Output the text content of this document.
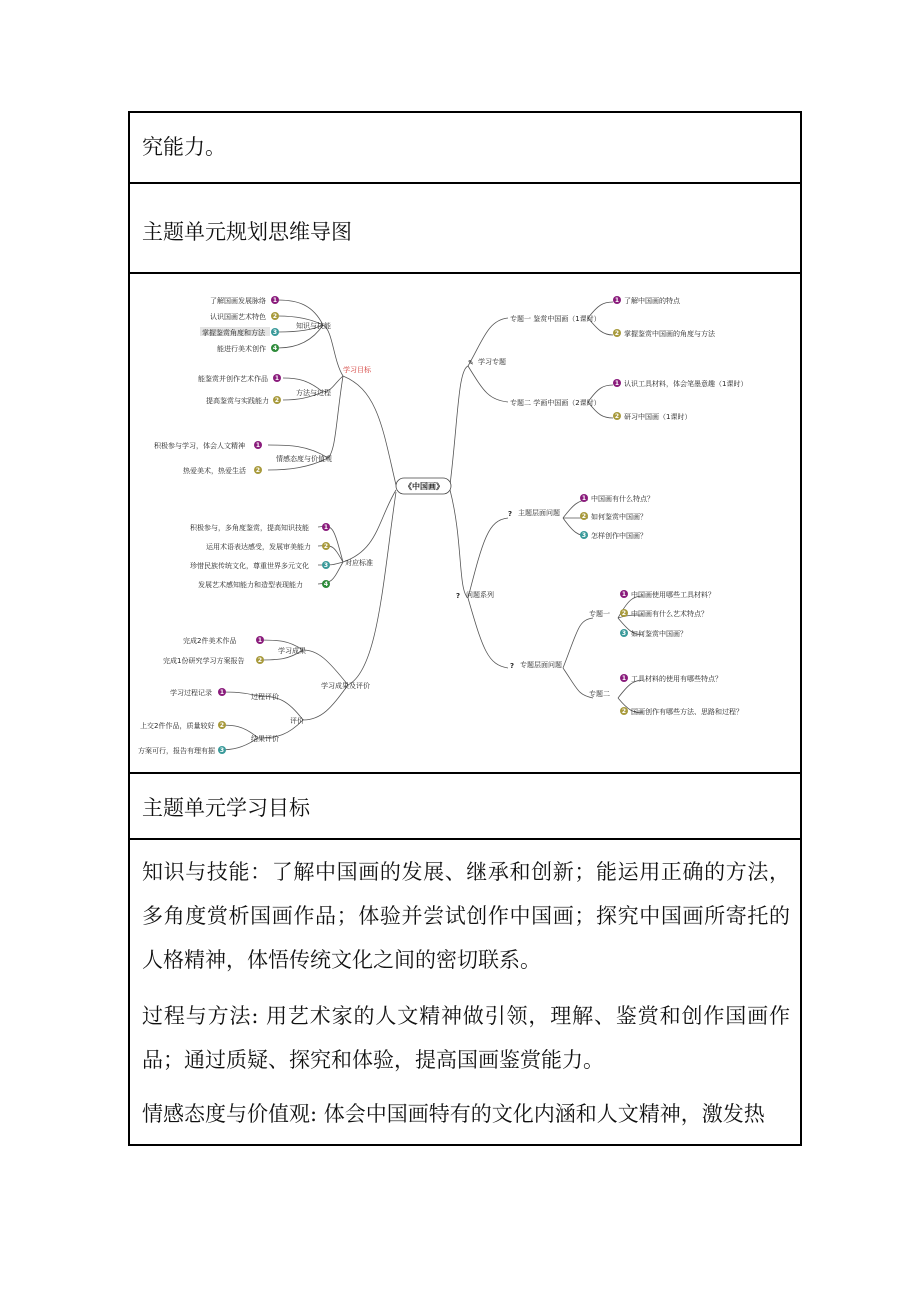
究能力。
主题单元规划思维导图
《中国画》
学习目标
知识与技能
方法与过程
情感态度与价值观
对应标准
学习成果及评价
学习成果
评价
过程评价
结果评价
了解国画发展脉络 1
认识国画艺术特色 2
掌握鉴赏角度和方法 3
能进行美术创作 4
能鉴赏并创作艺术作品 1
提高鉴赏与实践能力 2
积极参与学习，体会人文精神 1
热爱美术，热爱生活 2
积极参与，多角度鉴赏，提高知识技能 1
运用术语表达感受，发展审美能力 2
珍惜民族传统文化，尊重世界多元文化 3
发展艺术感知能力和造型表现能力	4
完成2件美术作品	1
完成1份研究学习方案报告 2
学习过程记录 1
上交2件作品，质量较好 2
方案可行，报告有理有据 3
✎ 学习专题
专题一 鉴赏中国画（1课时）
专题二 学画中国画（2课时）
1 了解中国画的特点
2 掌握鉴赏中国画的角度与方法
1 认识工具材料，体会笔墨意趣（1课时）
2 研习中国画（1课时）
? 问题系列
? 主题层面问题
1 中国画有什么特点？
2 如何鉴赏中国画？
3 怎样创作中国画？
? 专题层面问题
专题一
专题二
1 中国画使用哪些工具材料？
2 中国画有什么艺术特点？
3 如何鉴赏中国画？
1 工具材料的使用有哪些特点？
2 国画创作有哪些方法、思路和过程？
主题单元学习目标
知识与技能：了解中国画的发展、继承和创新；能运用正确的方法，多角度赏析国画作品；体验并尝试创作中国画；探究中国画所寄托的人格精神，体悟传统文化之间的密切联系。
过程与方法: 用艺术家的人文精神做引领，理解、鉴赏和创作国画作品；通过质疑、探究和体验，提高国画鉴赏能力。
情感态度与价值观: 体会中国画特有的文化内涵和人文精神，激发热
